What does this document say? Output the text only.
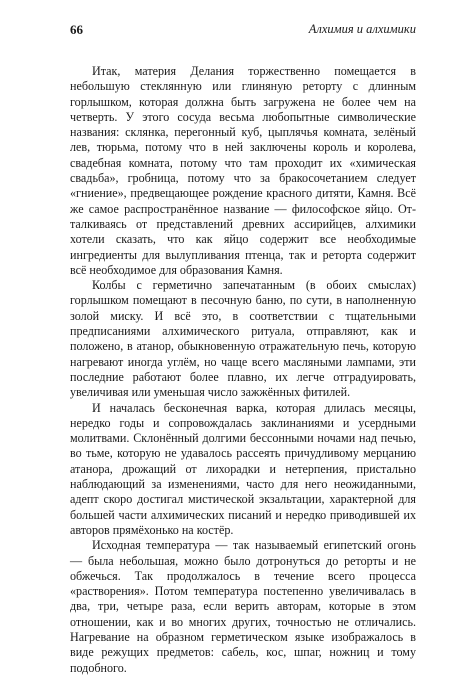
66	Алхимия и алхимики

Итак, материя Делания торжественно помещается в небольшую стеклянную или глиняную реторту с длинным горлышком, которая должна быть загружена не более чем на четверть. У этого сосуда весьма любопытные символические названия: склянка, перегонный куб, цыплячья комната, зелёный лев, тюрьма, потому что в ней заключены король и королева, свадебная комната, потому что там проходит их «химическая свадьба», гробница, потому что за бракосочетанием следует «гниение», предвещающее рождение красного дитяти, Камня. Всё же самое распространённое название — философское яйцо. Отталкиваясь от представлений древних ассирийцев, алхимики хотели сказать, что как яйцо содержит все необходимые ингредиенты для вылупливания птенца, так и реторта содержит всё необходимое для образования Камня.

Колбы с герметично запечатанным (в обоих смыслах) горлышком помещают в песочную баню, по сути, в наполненную золой миску. И всё это, в соответствии с тщательными предписаниями алхимического ритуала, отправляют, как и положено, в атанор, обыкновенную отражательную печь, которую нагревают иногда углём, но чаще всего масляными лампами, эти последние работают более плавно, их легче отградуировать, увеличивая или уменьшая число зажжённых фитилей.

И началась бесконечная варка, которая длилась месяцы, нередко годы и сопровождалась заклинаниями и усердными молитвами. Склонённый долгими бессонными ночами над печью, во тьме, которую не удавалось рассеять причудливому мерцанию атанора, дрожащий от лихорадки и нетерпения, пристально наблюдающий за изменениями, часто для него неожиданными, адепт скоро достигал мистической экзальтации, характерной для большей части алхимических писаний и нередко приводившей их авторов прямёхонько на костёр.

Исходная температура — так называемый египетский огонь — была небольшая, можно было дотронуться до реторты и не обжечься. Так продолжалось в течение всего процесса «растворения». Потом температура постепенно увеличивалась в два, три, четыре раза, если верить авторам, которые в этом отношении, как и во многих других, точностью не отличались. Нагревание на образном герметическом языке изображалось в виде режущих предметов: сабель, кос, шпаг, ножниц и тому подобного.
